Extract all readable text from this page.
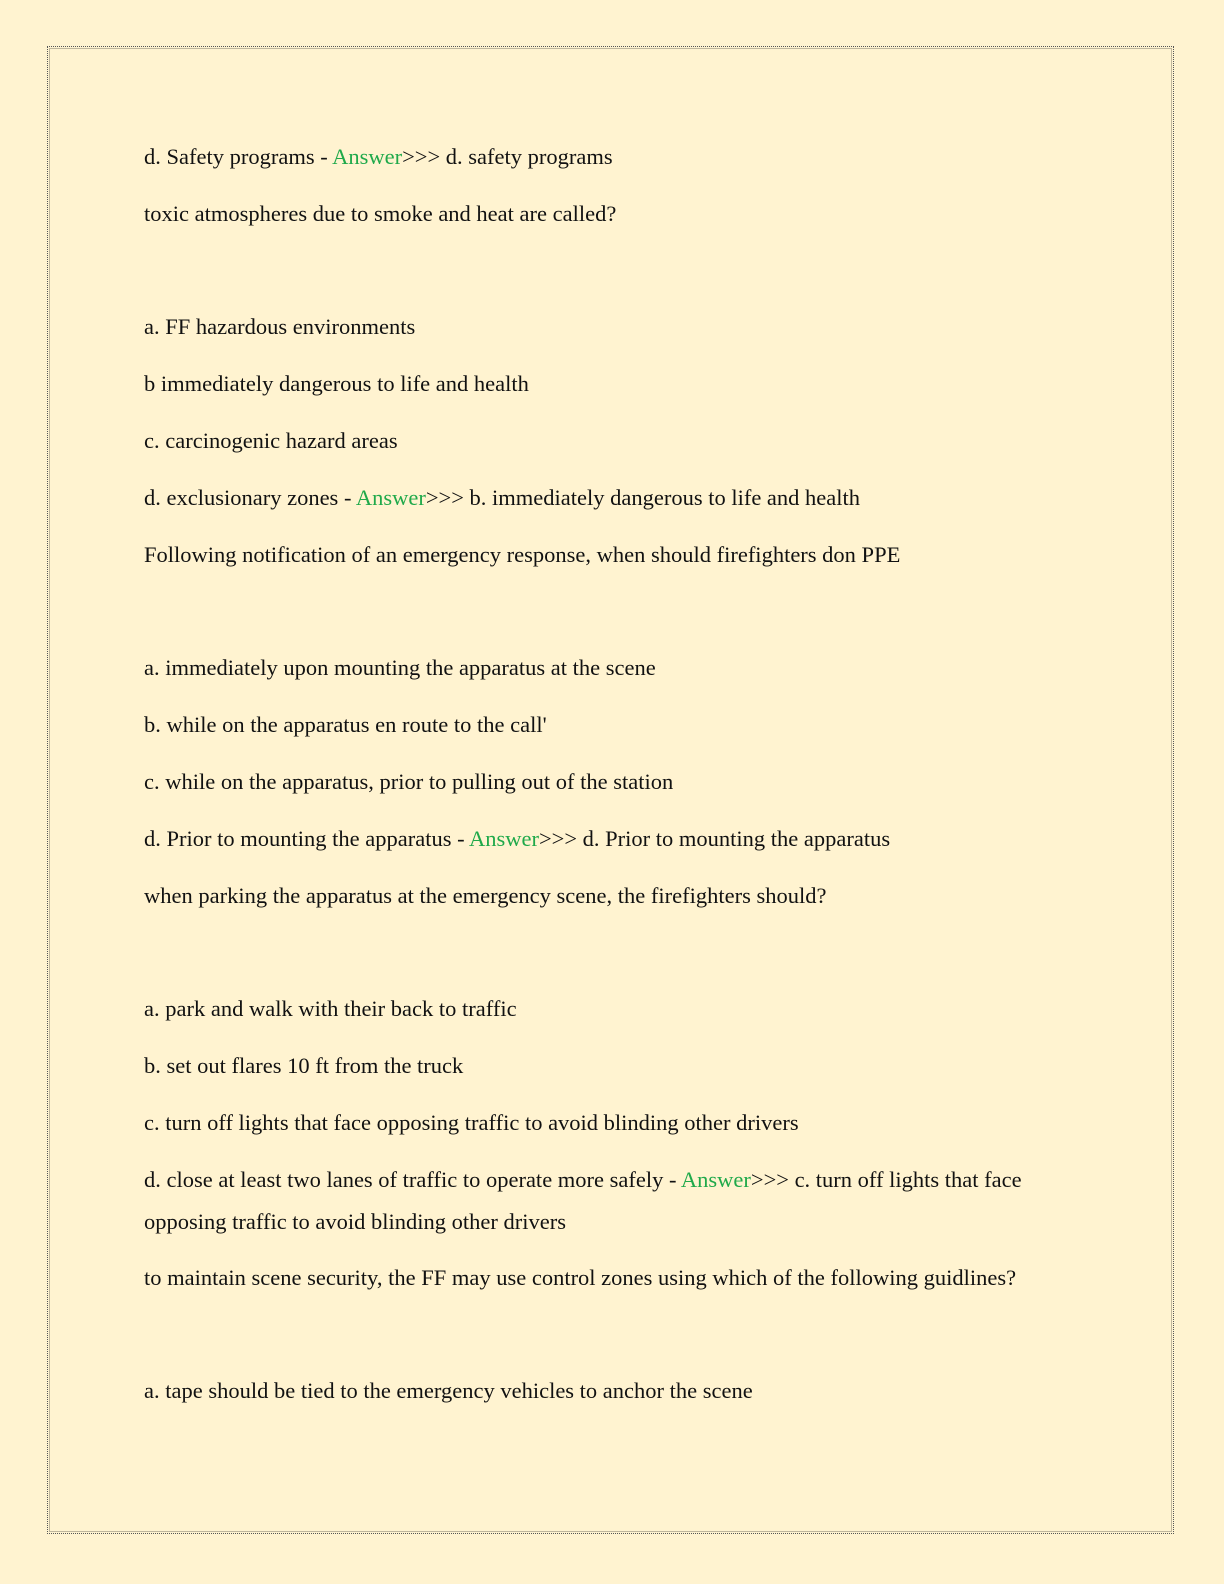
d. Safety programs - Answer>>> d. safety programs
toxic atmospheres due to smoke and heat are called?
a. FF hazardous environments
b immediately dangerous to life and health
c. carcinogenic hazard areas
d. exclusionary zones - Answer>>> b. immediately dangerous to life and health
Following notification of an emergency response, when should firefighters don PPE
a. immediately upon mounting the apparatus at the scene
b. while on the apparatus en route to the call'
c. while on the apparatus, prior to pulling out of the station
d. Prior to mounting the apparatus - Answer>>> d. Prior to mounting the apparatus
when parking the apparatus at the emergency scene, the firefighters should?
a. park and walk with their back to traffic
b. set out flares 10 ft from the truck
c. turn off lights that face opposing traffic to avoid blinding other drivers
d. close at least two lanes of traffic to operate more safely - Answer>>> c. turn off lights that face opposing traffic to avoid blinding other drivers
to maintain scene security, the FF may use control zones using which of the following guidlines?
a. tape should be tied to the emergency vehicles to anchor the scene
